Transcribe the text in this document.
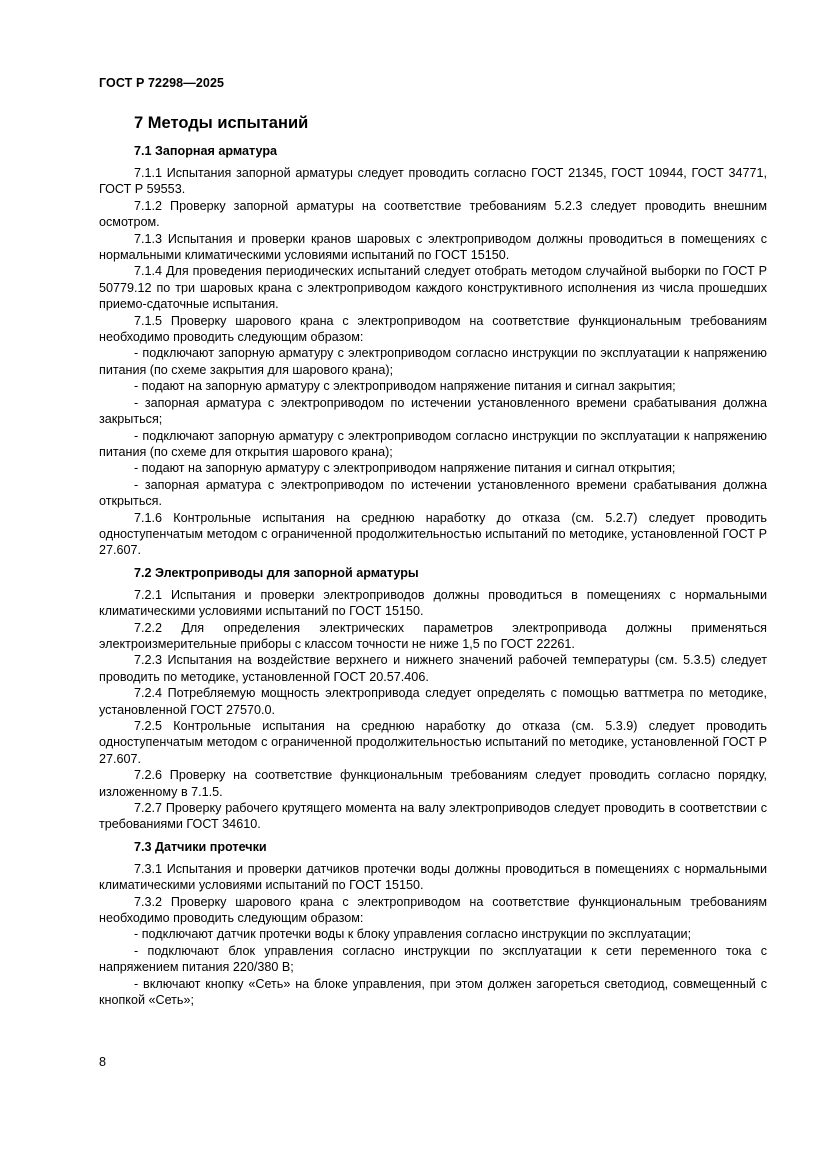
ГОСТ Р 72298—2025
7 Методы испытаний
7.1 Запорная арматура

7.1.1 Испытания запорной арматуры следует проводить согласно ГОСТ 21345, ГОСТ 10944, ГОСТ 34771, ГОСТ Р 59553.

7.1.2 Проверку запорной арматуры на соответствие требованиям 5.2.3 следует проводить внешним осмотром.

7.1.3 Испытания и проверки кранов шаровых с электроприводом должны проводиться в помещениях с нормальными климатическими условиями испытаний по ГОСТ 15150.

7.1.4 Для проведения периодических испытаний следует отобрать методом случайной выборки по ГОСТ Р 50779.12 по три шаровых крана с электроприводом каждого конструктивного исполнения из числа прошедших приемо-сдаточные испытания.

7.1.5 Проверку шарового крана с электроприводом на соответствие функциональным требованиям необходимо проводить следующим образом:

- подключают запорную арматуру с электроприводом согласно инструкции по эксплуатации к напряжению питания (по схеме закрытия для шарового крана);

- подают на запорную арматуру с электроприводом напряжение питания и сигнал закрытия;

- запорная арматура с электроприводом по истечении установленного времени срабатывания должна закрыться;

- подключают запорную арматуру с электроприводом согласно инструкции по эксплуатации к напряжению питания (по схеме для открытия шарового крана);

- подают на запорную арматуру с электроприводом напряжение питания и сигнал открытия;

- запорная арматура с электроприводом по истечении установленного времени срабатывания должна открыться.

7.1.6 Контрольные испытания на среднюю наработку до отказа (см. 5.2.7) следует проводить одноступенчатым методом с ограниченной продолжительностью испытаний по методике, установленной ГОСТ Р 27.607.

7.2 Электроприводы для запорной арматуры

7.2.1 Испытания и проверки электроприводов должны проводиться в помещениях с нормальными климатическими условиями испытаний по ГОСТ 15150.

7.2.2 Для определения электрических параметров электропривода должны применяться электроизмерительные приборы с классом точности не ниже 1,5 по ГОСТ 22261.

7.2.3 Испытания на воздействие верхнего и нижнего значений рабочей температуры (см. 5.3.5) следует проводить по методике, установленной ГОСТ 20.57.406.

7.2.4 Потребляемую мощность электропривода следует определять с помощью ваттметра по методике, установленной ГОСТ 27570.0.

7.2.5 Контрольные испытания на среднюю наработку до отказа (см. 5.3.9) следует проводить одноступенчатым методом с ограниченной продолжительностью испытаний по методике, установленной ГОСТ Р 27.607.

7.2.6 Проверку на соответствие функциональным требованиям следует проводить согласно порядку, изложенному в 7.1.5.

7.2.7 Проверку рабочего крутящего момента на валу электроприводов следует проводить в соответствии с требованиями ГОСТ 34610.

7.3 Датчики протечки

7.3.1 Испытания и проверки датчиков протечки воды должны проводиться в помещениях с нормальными климатическими условиями испытаний по ГОСТ 15150.

7.3.2 Проверку шарового крана с электроприводом на соответствие функциональным требованиям необходимо проводить следующим образом:

- подключают датчик протечки воды к блоку управления согласно инструкции по эксплуатации;

- подключают блок управления согласно инструкции по эксплуатации к сети переменного тока с напряжением питания 220/380 В;

- включают кнопку «Сеть» на блоке управления, при этом должен загореться светодиод, совмещенный с кнопкой «Сеть»;

8
